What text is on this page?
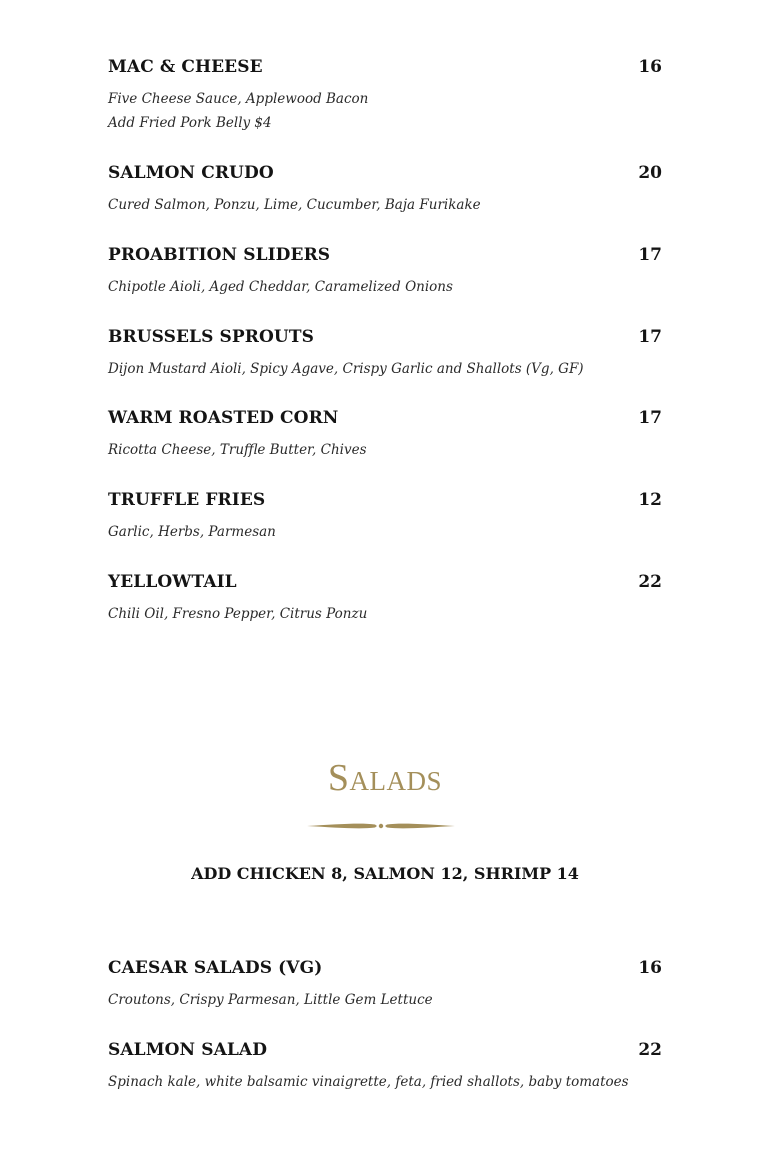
MAC & CHEESE	16
Five Cheese Sauce, Applewood Bacon
Add Fried Pork Belly $4
SALMON CRUDO	20
Cured Salmon, Ponzu, Lime, Cucumber, Baja Furikake
PROABITION SLIDERS	17
Chipotle Aioli, Aged Cheddar, Caramelized Onions
BRUSSELS SPROUTS	17
Dijon Mustard Aioli, Spicy Agave, Crispy Garlic and Shallots (Vg, GF)
WARM ROASTED CORN	17
Ricotta Cheese, Truffle Butter, Chives
TRUFFLE FRIES	12
Garlic, Herbs, Parmesan
YELLOWTAIL	22
Chili Oil, Fresno Pepper, Citrus Ponzu
Salads
ADD CHICKEN 8, SALMON 12, SHRIMP 14
CAESAR SALADS (VG)	16
Croutons, Crispy Parmesan, Little Gem Lettuce
SALMON SALAD	22
Spinach kale, white balsamic vinaigrette, feta, fried shallots, baby tomatoes
